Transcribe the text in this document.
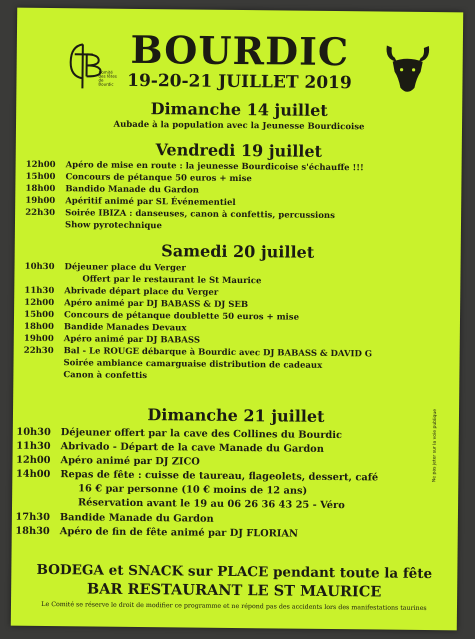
Comité des fêtes de Bourdic
BOURDIC
19-20-21 JUILLET 2019
Dimanche 14 juillet
Aubade à la population avec la Jeunesse Bourdicoise
Vendredi 19 juillet
12h00 Apéro de mise en route : la jeunesse Bourdicoise s'échauffe !!!
15h00 Concours de pétanque 50 euros + mise
18h00 Bandido Manade du Gardon
19h00 Apéritif animé par SL Événementiel
22h30 Soirée IBIZA : danseuses, canon à confettis, percussions
Show pyrotechnique
Samedi 20 juillet
10h30 Déjeuner place du Verger
Offert par le restaurant le St Maurice
11h30 Abrivade départ place du Verger
12h00 Apéro animé par DJ BABASS & DJ SEB
15h00 Concours de pétanque doublette 50 euros + mise
18h00 Bandide Manades Devaux
19h00 Apéro animé par DJ BABASS
22h30 Bal - Le ROUGE débarque à Bourdic avec DJ BABASS & DAVID G
Soirée ambiance camarguaise distribution de cadeaux
Canon à confettis
Dimanche 21 juillet
10h30 Déjeuner offert par la cave des Collines du Bourdic
11h30 Abrivado - Départ de la cave Manade du Gardon
12h00 Apéro animé par DJ ZICO
14h00 Repas de fête : cuisse de taureau, flageolets, dessert, café
16 € par personne (10 € moins de 12 ans)
Réservation avant le 19 au 06 26 36 43 25 - Véro
17h30 Bandide Manade du Gardon
18h30 Apéro de fin de fête animé par DJ FLORIAN
BODEGA et SNACK sur PLACE pendant toute la fête
BAR RESTAURANT LE ST MAURICE
Le Comité se réserve le droit de modifier ce programme et ne répond pas des accidents lors des manifestations taurines
Ne pas jeter sur la voie publique
